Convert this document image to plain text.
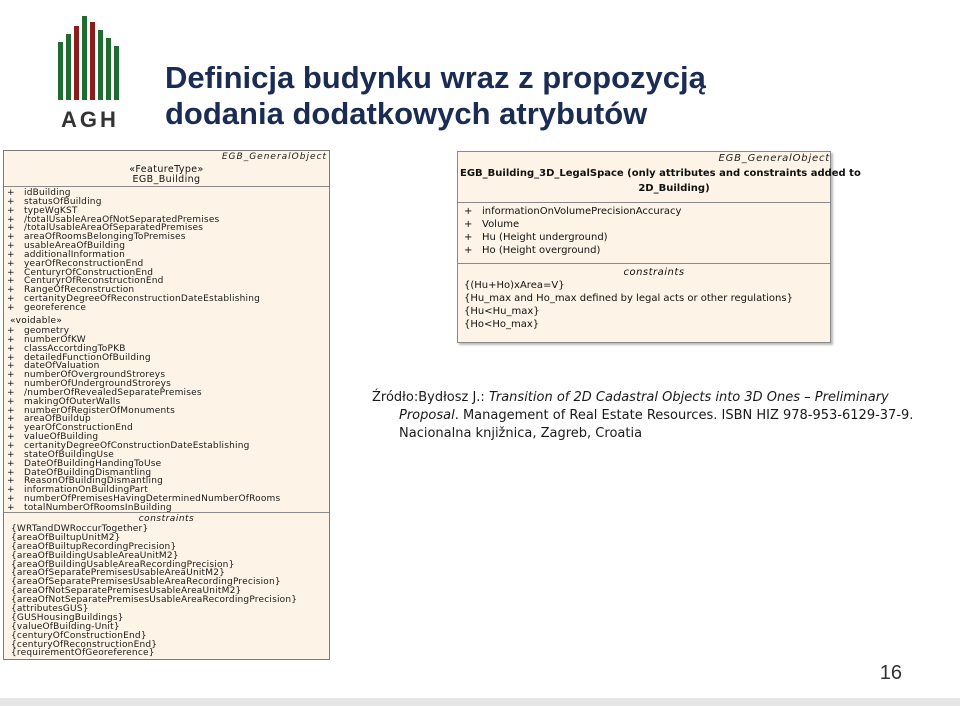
AGH
Definicja budynku wraz z propozycją
dodania dodatkowych atrybutów
EGB_GeneralObject
«FeatureType»
EGB_Building
+ idBuilding
+ statusOfBuilding
+ typeWgKST
+ /totalUsableAreaOfNotSeparatedPremises
+ /totalUsableAreaOfSeparatedPremises
+ areaOfRoomsBelongingToPremises
+ usableAreaOfBuilding
+ additionalInformation
+ yearOfReconstructionEnd
+ CenturyrOfConstructionEnd
+ CenturyrOfReconstructionEnd
+ RangeOfReconstruction
+ certanityDegreeOfReconstructionDateEstablishing
+ georeference
«voidable»
+ geometry
+ numberOfKW
+ classAccortdingToPKB
+ detailedFunctionOfBuilding
+ dateOfValuation
+ numberOfOvergroundStroreys
+ numberOfUndergroundStroreys
+ /numberOfRevealedSeparatePremises
+ makingOfOuterWalls
+ numberOfRegisterOfMonuments
+ areaOfBuildup
+ yearOfConstructionEnd
+ valueOfBuilding
+ certanityDegreeOfConstructionDateEstablishing
+ stateOfBuildingUse
+ DateOfBuildingHandingToUse
+ DateOfBuildingDismantling
+ ReasonOfBuildingDismantling
+ informationOnBuildingPart
+ numberOfPremisesHavingDeterminedNumberOfRooms
+ totalNumberOfRoomsInBuilding
constraints
{WRTandDWRoccurTogether}
{areaOfBuiltupUnitM2}
{areaOfBuiltupRecordingPrecision}
{areaOfBuildingUsableAreaUnitM2}
{areaOfBuildingUsableAreaRecordingPrecision}
{areaOfSeparatePremisesUsableAreaUnitM2}
{areaOfSeparatePremisesUsableAreaRecordingPrecision}
{areaOfNotSeparatePremisesUsableAreaUnitM2}
{areaOfNotSeparatePremisesUsableAreaRecordingPrecision}
{attributesGUS}
{GUSHousingBuildings}
{valueOfBuilding-Unit}
{centuryOfConstructionEnd}
{centuryOfReconstructionEnd}
{requirementOfGeoreference}
EGB_GeneralObject
EGB_Building_3D_LegalSpace (only attributes and constraints added to
2D_Building)
+ informationOnVolumePrecisionAccuracy
+ Volume
+ Hu (Height underground)
+ Ho (Height overground)
constraints
{(Hu+Ho)xArea=V}
{Hu_max and Ho_max defined by legal acts or other regulations}
{Hu<Hu_max}
{Ho<Ho_max}
Źródło:Bydłosz J.: Transition of 2D Cadastral Objects into 3D Ones – Preliminary
Proposal. Management of Real Estate Resources. ISBN HIZ 978-953-6129-37-9.
Nacionalna knjižnica, Zagreb, Croatia
16
